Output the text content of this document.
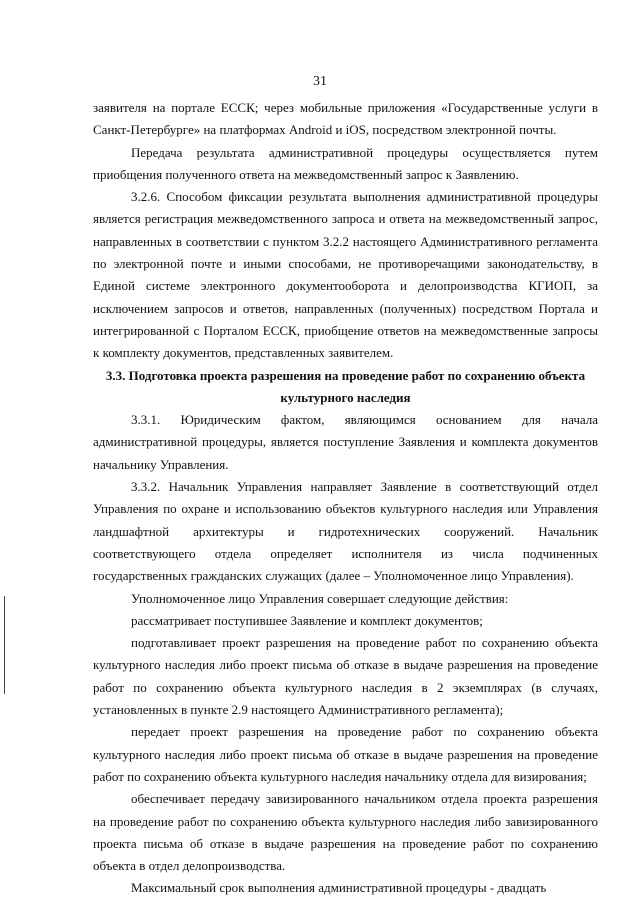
31

заявителя на портале ЕССК; через мобильные приложения «Государственные услуги в Санкт-Петербурге» на платформах Android и iOS, посредством электронной почты.

Передача результата административной процедуры осуществляется путем приобщения полученного ответа на межведомственный запрос к Заявлению.

3.2.6. Способом фиксации результата выполнения административной процедуры является регистрация межведомственного запроса и ответа на межведомственный запрос, направленных в соответствии с пунктом 3.2.2 настоящего Административного регламента по электронной почте и иными способами, не противоречащими законодательству, в Единой системе электронного документооборота и делопроизводства КГИОП, за исключением запросов и ответов, направленных (полученных) посредством Портала и интегрированной с Порталом ЕССК, приобщение ответов на межведомственные запросы к комплекту документов, представленных заявителем.

3.3. Подготовка проекта разрешения на проведение работ по сохранению объекта культурного наследия

3.3.1. Юридическим фактом, являющимся основанием для начала административной процедуры, является поступление Заявления и комплекта документов начальнику Управления.

3.3.2. Начальник Управления направляет Заявление в соответствующий отдел Управления по охране и использованию объектов культурного наследия или Управления ландшафтной архитектуры и гидротехнических сооружений. Начальник соответствующего отдела определяет исполнителя из числа подчиненных государственных гражданских служащих (далее – Уполномоченное лицо Управления).

Уполномоченное лицо Управления совершает следующие действия:

рассматривает поступившее Заявление и комплект документов;

подготавливает проект разрешения на проведение работ по сохранению объекта культурного наследия либо проект письма об отказе в выдаче разрешения на проведение работ по сохранению объекта культурного наследия в 2 экземплярах (в случаях, установленных в пункте 2.9 настоящего Административного регламента);

передает проект разрешения на проведение работ по сохранению объекта культурного наследия либо проект письма об отказе в выдаче разрешения на проведение работ по сохранению объекта культурного наследия начальнику отдела для визирования;

обеспечивает передачу завизированного начальником отдела проекта разрешения на проведение работ по сохранению объекта культурного наследия либо завизированного проекта письма об отказе в выдаче разрешения на проведение работ по сохранению объекта в отдел делопроизводства.

Максимальный срок выполнения административной процедуры - двадцать
